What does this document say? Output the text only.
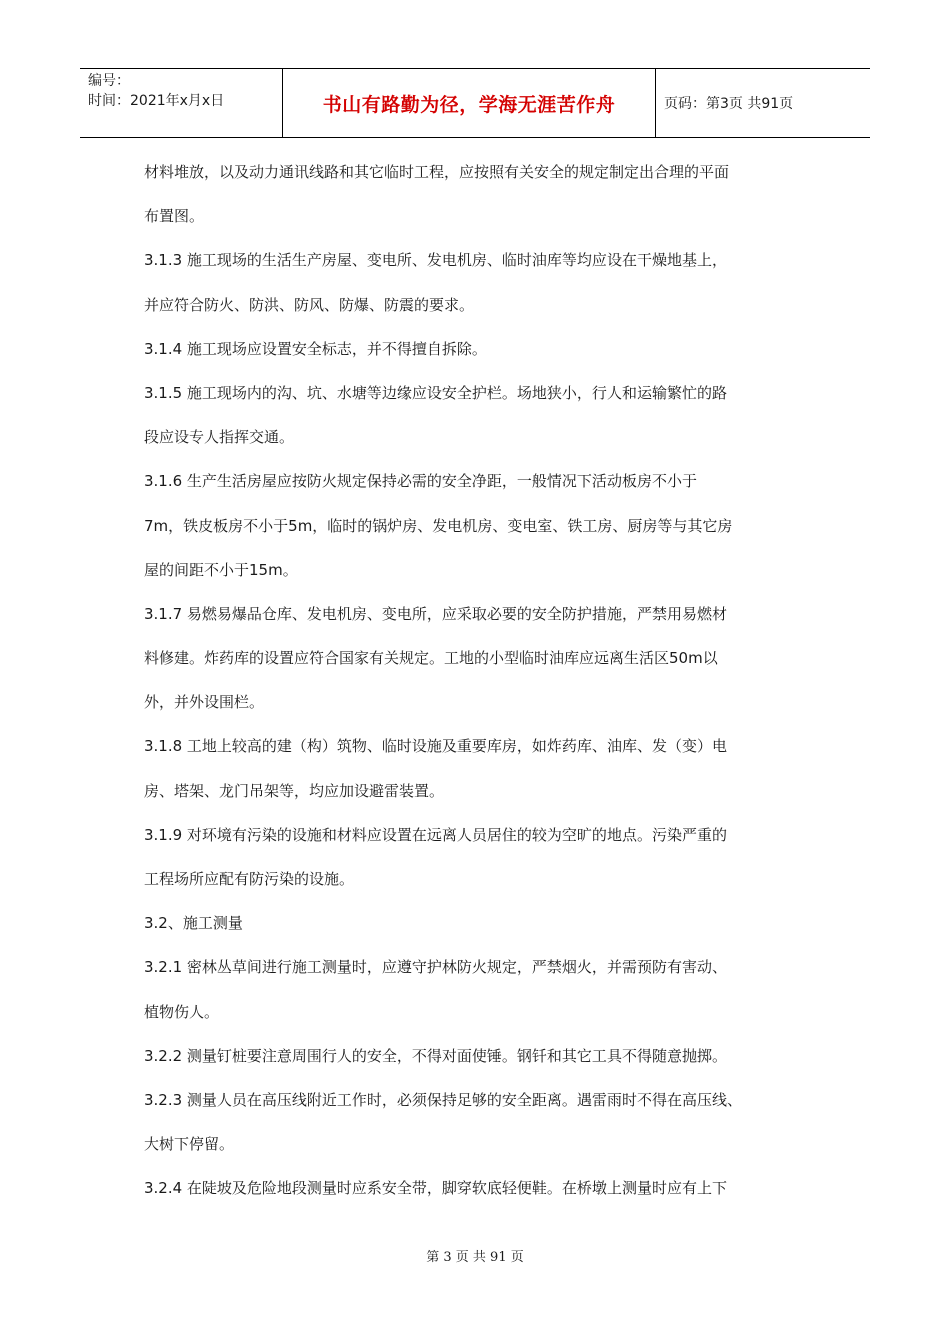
编号：
时间：2021年x月x日	书山有路勤为径，学海无涯苦作舟	页码：第3页 共91页
材料堆放，以及动力通讯线路和其它临时工程，应按照有关安全的规定制定出合理的平面
布置图。
3.1.3 施工现场的生活生产房屋、变电所、发电机房、临时油库等均应设在干燥地基上，
并应符合防火、防洪、防风、防爆、防震的要求。
3.1.4 施工现场应设置安全标志，并不得擅自拆除。
3.1.5 施工现场内的沟、坑、水塘等边缘应设安全护栏。场地狭小，行人和运输繁忙的路
段应设专人指挥交通。
3.1.6 生产生活房屋应按防火规定保持必需的安全净距，一般情况下活动板房不小于
7m，铁皮板房不小于5m，临时的锅炉房、发电机房、变电室、铁工房、厨房等与其它房
屋的间距不小于15m。
3.1.7 易燃易爆品仓库、发电机房、变电所，应采取必要的安全防护措施，严禁用易燃材
料修建。炸药库的设置应符合国家有关规定。工地的小型临时油库应远离生活区50m以
外，并外设围栏。
3.1.8 工地上较高的建（构）筑物、临时设施及重要库房，如炸药库、油库、发（变）电
房、塔架、龙门吊架等，均应加设避雷装置。
3.1.9 对环境有污染的设施和材料应设置在远离人员居住的较为空旷的地点。污染严重的
工程场所应配有防污染的设施。
3.2、施工测量
3.2.1 密林丛草间进行施工测量时，应遵守护林防火规定，严禁烟火，并需预防有害动、
植物伤人。
3.2.2 测量钉桩要注意周围行人的安全，不得对面使锤。钢钎和其它工具不得随意抛掷。
3.2.3 测量人员在高压线附近工作时，必须保持足够的安全距离。遇雷雨时不得在高压线、
大树下停留。
3.2.4 在陡坡及危险地段测量时应系安全带，脚穿软底轻便鞋。在桥墩上测量时应有上下
第 3 页 共 91 页
